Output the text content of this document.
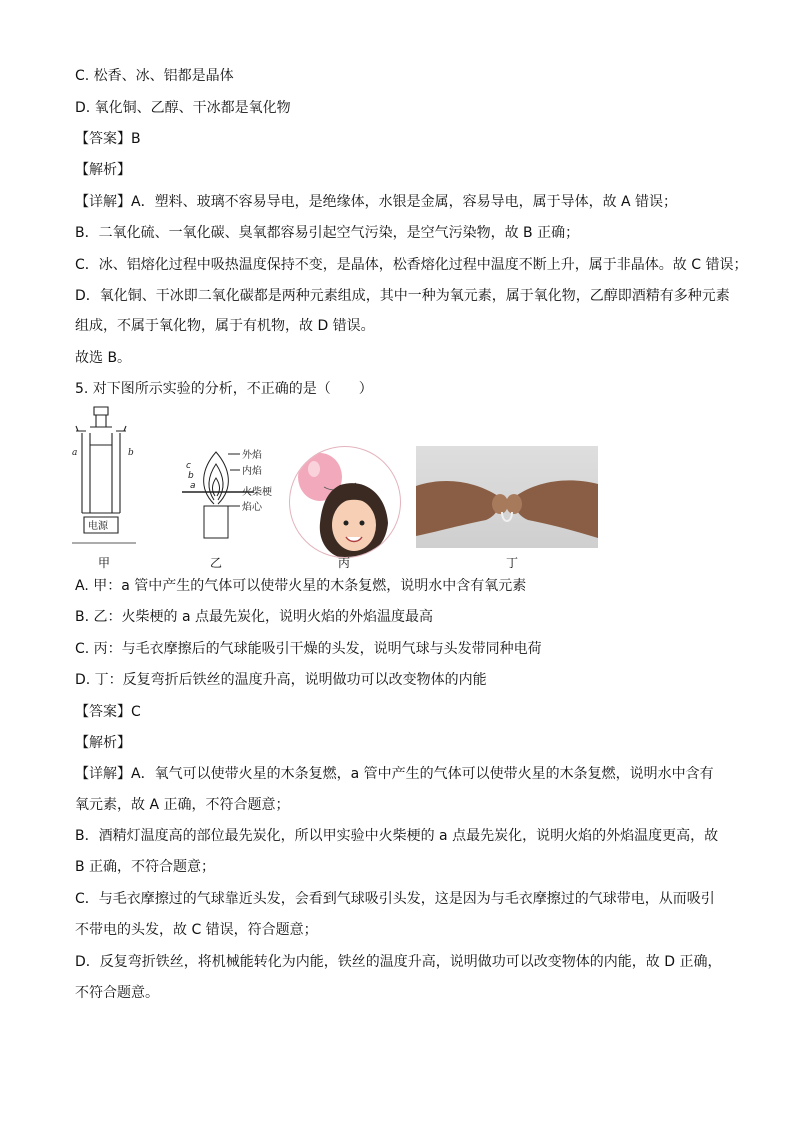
C. 松香、冰、铝都是晶体
D. 氧化铜、乙醇、干冰都是氧化物
【答案】B
【解析】
【详解】A．塑料、玻璃不容易导电，是绝缘体，水银是金属，容易导电，属于导体，故 A 错误；
B．二氧化硫、一氧化碳、臭氧都容易引起空气污染，是空气污染物，故 B 正确；
C．冰、铝熔化过程中吸热温度保持不变，是晶体，松香熔化过程中温度不断上升，属于非晶体。故 C 错误；
D．氧化铜、干冰即二氧化碳都是两种元素组成，其中一种为氧元素，属于氧化物，乙醇即酒精有多种元素
组成，不属于氧化物，属于有机物，故 D 错误。
故选 B。
5. 对下图所示实验的分析，不正确的是（　　）
a	b
电源
甲
c
b
a
外焰
内焰
火柴梗
焰心
乙	丙	丁
A. 甲：a 管中产生的气体可以使带火星的木条复燃，说明水中含有氧元素
B. 乙：火柴梗的 a 点最先炭化，说明火焰的外焰温度最高
C. 丙：与毛衣摩擦后的气球能吸引干燥的头发，说明气球与头发带同种电荷
D. 丁：反复弯折后铁丝的温度升高，说明做功可以改变物体的内能
【答案】C
【解析】
【详解】A．氧气可以使带火星的木条复燃，a 管中产生的气体可以使带火星的木条复燃，说明水中含有
氧元素，故 A 正确，不符合题意；
B．酒精灯温度高的部位最先炭化，所以甲实验中火柴梗的 a 点最先炭化，说明火焰的外焰温度更高，故
B 正确，不符合题意；
C．与毛衣摩擦过的气球靠近头发，会看到气球吸引头发，这是因为与毛衣摩擦过的气球带电，从而吸引
不带电的头发，故 C 错误，符合题意；
D．反复弯折铁丝，将机械能转化为内能，铁丝的温度升高，说明做功可以改变物体的内能，故 D 正确，
不符合题意。
